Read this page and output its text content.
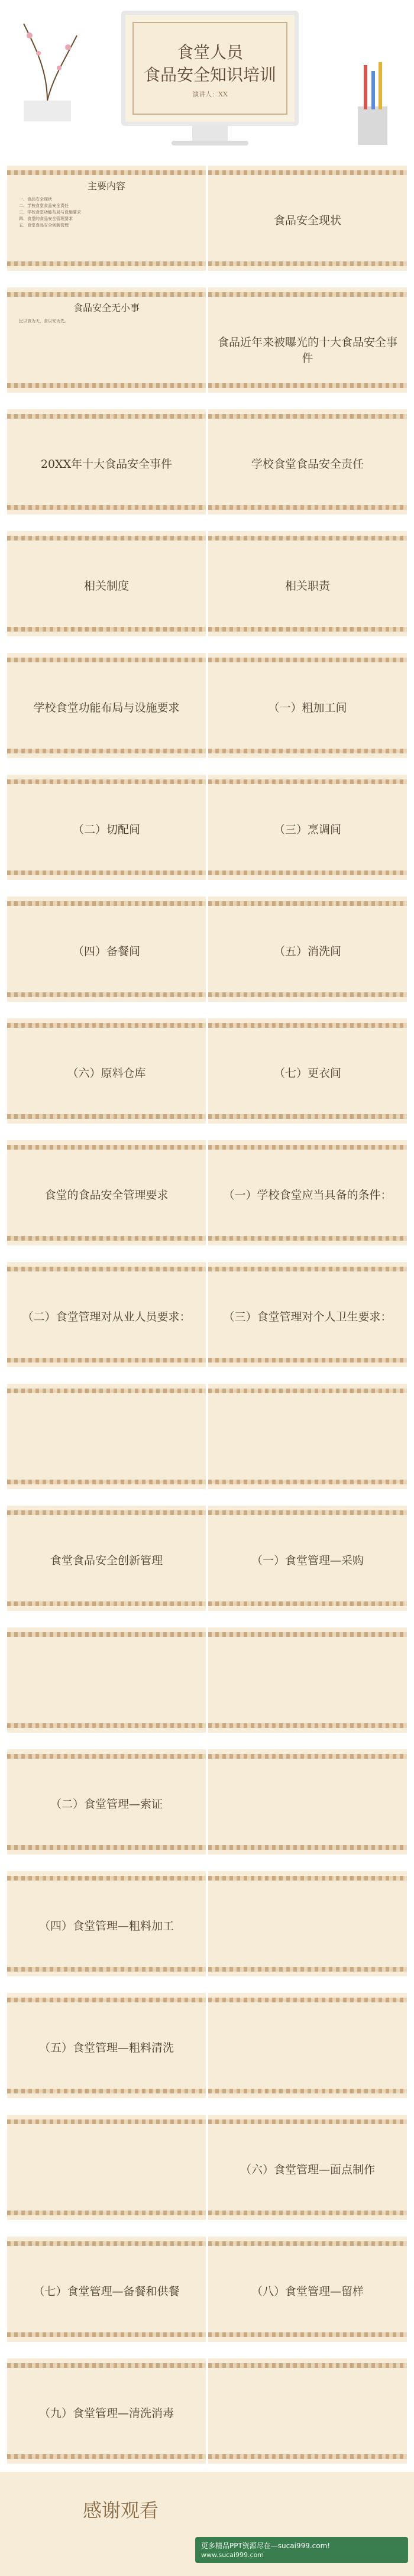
食堂人员
食品安全知识培训
演讲人：XX
主要内容
一、食品安全现状
二、学校食堂食品安全责任
三、学校食堂功能布局与设施要求
四、食堂的食品安全管理要求
五、食堂食品安全创新管理	食品安全现状
食品安全无小事
民以食为天，食以安为先。
食品近年来被曝光的十大食品安全事件
20XX年十大食品安全事件	学校食堂食品安全责任
相关制度	相关职责
学校食堂功能布局与设施要求	（一）粗加工间
（二）切配间	（三）烹调间
（四）备餐间	（五）消洗间
（六）原料仓库	（七）更衣间
食堂的食品安全管理要求	（一）学校食堂应当具备的条件：
（二）食堂管理对从业人员要求：	（三）食堂管理对个人卫生要求：
食堂食品安全创新管理	（一）食堂管理—采购
（二）食堂管理—索证
（四）食堂管理—粗料加工
（五）食堂管理—粗料清洗
（六）食堂管理—面点制作
（七）食堂管理—备餐和供餐	（八）食堂管理—留样
（九）食堂管理—清洗消毒
感谢观看
更多精品PPT资源尽在—sucai999.com!
www.sucai999.com
